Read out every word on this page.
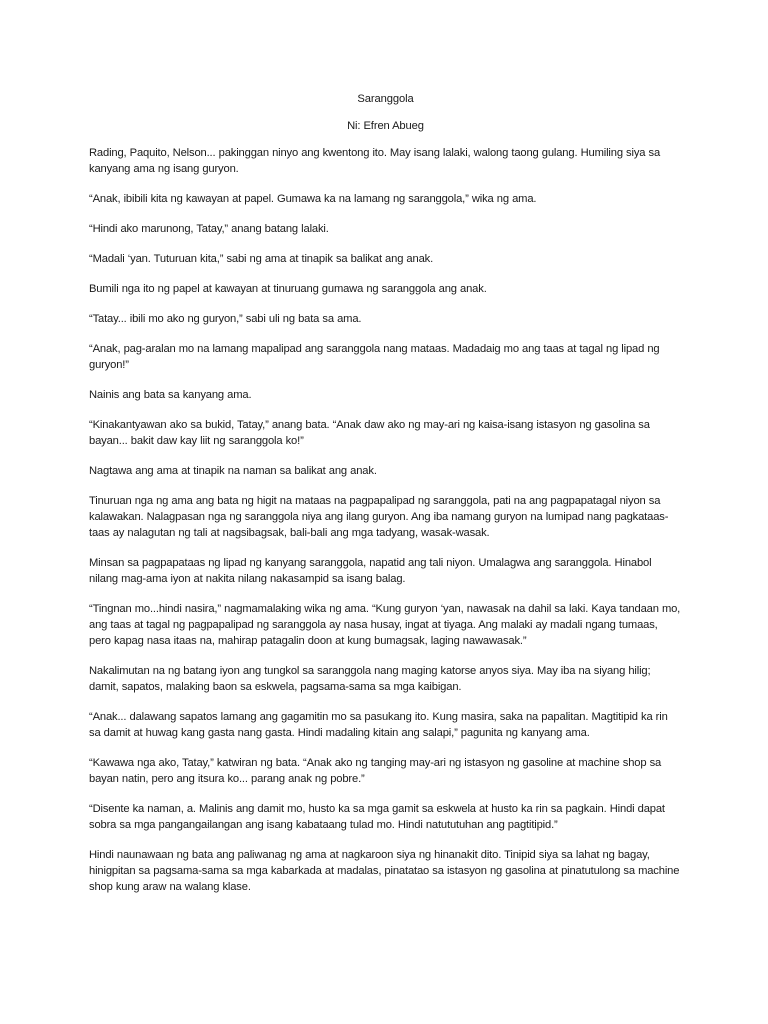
Saranggola

Ni: Efren Abueg

Rading, Paquito, Nelson... pakinggan ninyo ang kwentong ito. May isang lalaki, walong taong gulang. Humiling siya sa kanyang ama ng isang guryon.

“Anak, ibibili kita ng kawayan at papel. Gumawa ka na lamang ng saranggola,” wika ng ama.

“Hindi ako marunong, Tatay,” anang batang lalaki.

“Madali ‘yan. Tuturuan kita,” sabi ng ama at tinapik sa balikat ang anak.

Bumili nga ito ng papel at kawayan at tinuruang gumawa ng saranggola ang anak.

“Tatay... ibili mo ako ng guryon,” sabi uli ng bata sa ama.

“Anak, pag-aralan mo na lamang mapalipad ang saranggola nang mataas. Madadaig mo ang taas at tagal ng lipad ng guryon!”

Nainis ang bata sa kanyang ama.

“Kinakantyawan ako sa bukid, Tatay,” anang bata. “Anak daw ako ng may-ari ng kaisa-isang istasyon ng gasolina sa bayan... bakit daw kay liit ng saranggola ko!”

Nagtawa ang ama at tinapik na naman sa balikat ang anak.

Tinuruan nga ng ama ang bata ng higit na mataas na pagpapalipad ng saranggola, pati na ang pagpapatagal niyon sa kalawakan. Nalagpasan nga ng saranggola niya ang ilang guryon. Ang iba namang guryon na lumipad nang pagkataas-taas ay nalagutan ng tali at nagsibagsak, bali-bali ang mga tadyang, wasak-wasak.

Minsan sa pagpapataas ng lipad ng kanyang saranggola, napatid ang tali niyon. Umalagwa ang saranggola. Hinabol nilang mag-ama iyon at nakita nilang nakasampid sa isang balag.

“Tingnan mo...hindi nasira,” nagmamalaking wika ng ama. “Kung guryon ‘yan, nawasak na dahil sa laki. Kaya tandaan mo, ang taas at tagal ng pagpapalipad ng saranggola ay nasa husay, ingat at tiyaga. Ang malaki ay madali ngang tumaas, pero kapag nasa itaas na, mahirap patagalin doon at kung bumagsak, laging nawawasak.”

Nakalimutan na ng batang iyon ang tungkol sa saranggola nang maging katorse anyos siya. May iba na siyang hilig; damit, sapatos, malaking baon sa eskwela, pagsama-sama sa mga kaibigan.

“Anak... dalawang sapatos lamang ang gagamitin mo sa pasukang ito. Kung masira, saka na papalitan. Magtitipid ka rin sa damit at huwag kang gasta nang gasta. Hindi madaling kitain ang salapi,” pagunita ng kanyang ama.

“Kawawa nga ako, Tatay,” katwiran ng bata. “Anak ako ng tanging may-ari ng istasyon ng gasoline at machine shop sa bayan natin, pero ang itsura ko... parang anak ng pobre.”

“Disente ka naman, a. Malinis ang damit mo, husto ka sa mga gamit sa eskwela at husto ka rin sa pagkain. Hindi dapat sobra sa mga pangangailangan ang isang kabataang tulad mo. Hindi natututuhan ang pagtitipid.”

Hindi naunawaan ng bata ang paliwanag ng ama at nagkaroon siya ng hinanakit dito. Tinipid siya sa lahat ng bagay, hinigpitan sa pagsama-sama sa mga kabarkada at madalas, pinatatao sa istasyon ng gasolina at pinatutulong sa machine shop kung araw na walang klase.
